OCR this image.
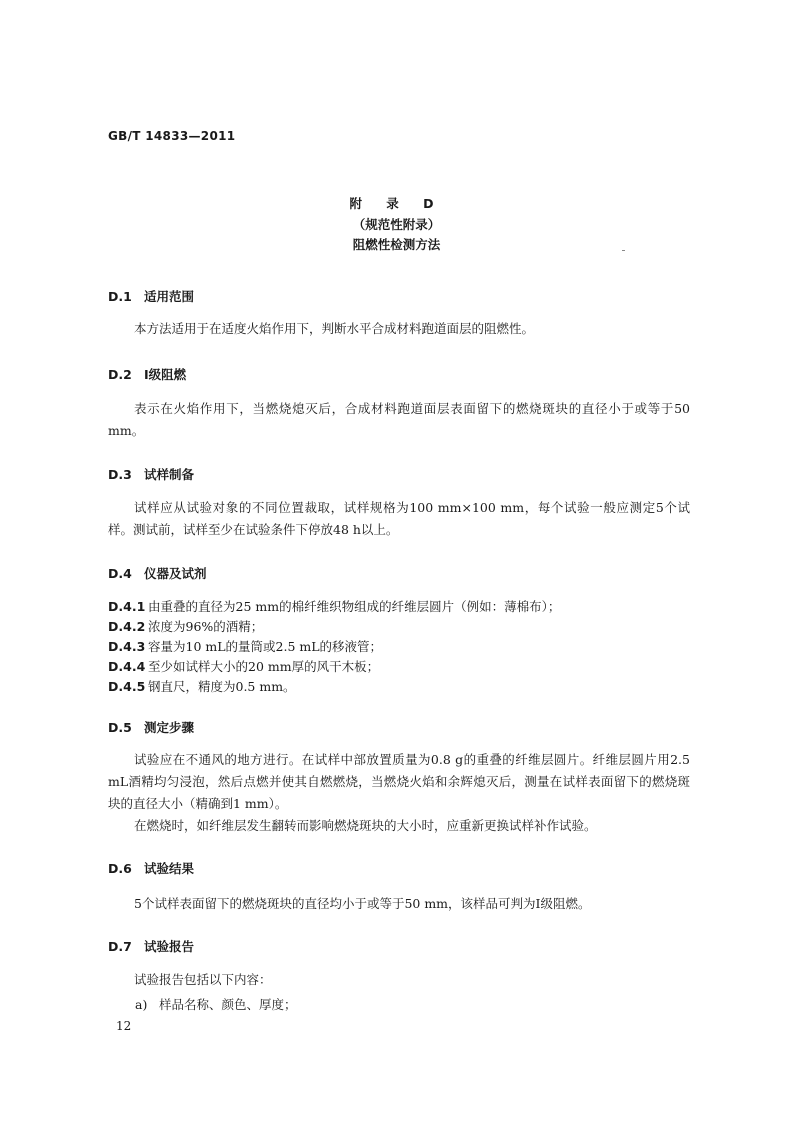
GB/T 14833—2011
附 录 D
（规范性附录）
阻燃性检测方法
D.1 适用范围
本方法适用于在适度火焰作用下，判断水平合成材料跑道面层的阻燃性。
D.2 Ⅰ级阻燃
表示在火焰作用下，当燃烧熄灭后，合成材料跑道面层表面留下的燃烧斑块的直径小于或等于50 mm。
D.3 试样制备
试样应从试验对象的不同位置裁取，试样规格为100 mm×100 mm，每个试验一般应测定5个试样。测试前，试样至少在试验条件下停放48 h以上。
D.4 仪器及试剂
D.4.1 由重叠的直径为25 mm的棉纤维织物组成的纤维层圆片（例如：薄棉布）；
D.4.2 浓度为96%的酒精；
D.4.3 容量为10 mL的量筒或2.5 mL的移液管；
D.4.4 至少如试样大小的20 mm厚的风干木板；
D.4.5 钢直尺，精度为0.5 mm。
D.5 测定步骤
试验应在不通风的地方进行。在试样中部放置质量为0.8 g的重叠的纤维层圆片。纤维层圆片用2.5 mL酒精均匀浸泡，然后点燃并使其自燃燃烧，当燃烧火焰和余辉熄灭后，测量在试样表面留下的燃烧斑块的直径大小（精确到1 mm）。
在燃烧时，如纤维层发生翻转而影响燃烧斑块的大小时，应重新更换试样补作试验。
D.6 试验结果
5个试样表面留下的燃烧斑块的直径均小于或等于50 mm，该样品可判为Ⅰ级阻燃。
D.7 试验报告
试验报告包括以下内容：
a) 样品名称、颜色、厚度；
12
